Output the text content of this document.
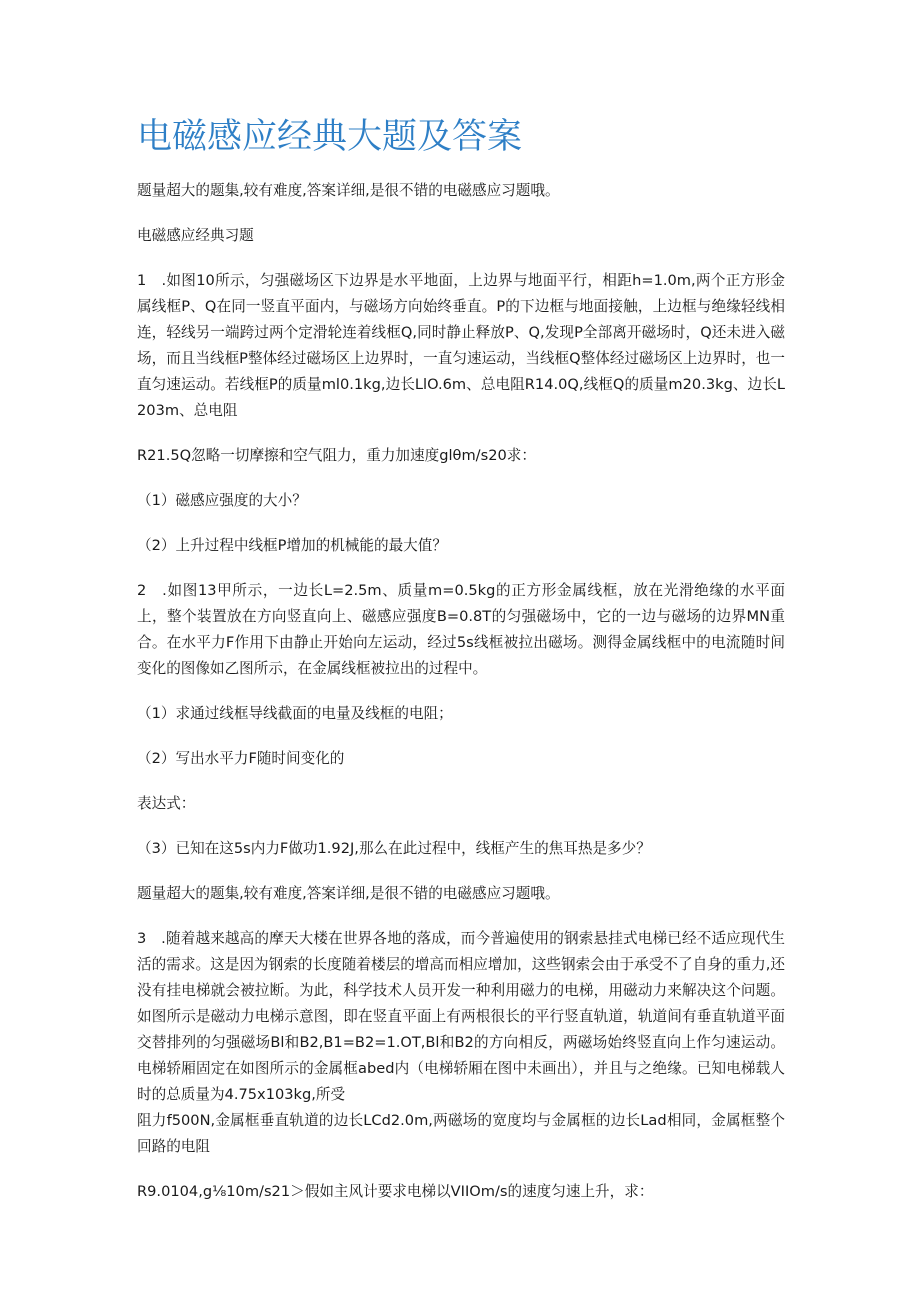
电磁感应经典大题及答案

题量超大的题集,较有难度,答案详细,是很不错的电磁感应习题哦。

电磁感应经典习题

1　.如图10所示，匀强磁场区下边界是水平地面，上边界与地面平行，相距h=1.0m,两个正方形金属线框P、Q在同一竖直平面内，与磁场方向始终垂直。P的下边框与地面接触，上边框与绝缘轻线相连，轻线另一端跨过两个定滑轮连着线框Q,同时静止释放P、Q,发现P全部离开磁场时，Q还未进入磁场，而且当线框P整体经过磁场区上边界时，一直匀速运动，当线框Q整体经过磁场区上边界时，也一直匀速运动。若线框P的质量ml0.1kg,边长LlO.6m、总电阻R14.0Q,线框Q的质量m20.3kg、边长L203m、总电阻

R21.5Q忽略一切摩擦和空气阻力，重力加速度glθm∕s20求：

（1）磁感应强度的大小？

（2）上升过程中线框P增加的机械能的最大值？

2　.如图13甲所示，一边长L=2.5m、质量m=0.5kg的正方形金属线框，放在光滑绝缘的水平面上，整个装置放在方向竖直向上、磁感应强度B=0.8T的匀强磁场中，它的一边与磁场的边界MN重合。在水平力F作用下由静止开始向左运动，经过5s线框被拉出磁场。测得金属线框中的电流随时间变化的图像如乙图所示，在金属线框被拉出的过程中。

（1）求通过线框导线截面的电量及线框的电阻；

（2）写出水平力F随时间变化的

表达式：

（3）已知在这5s内力F做功1.92J,那么在此过程中，线框产生的焦耳热是多少？

题量超大的题集,较有难度,答案详细,是很不错的电磁感应习题哦。

3　.随着越来越高的摩天大楼在世界各地的落成，而今普遍使用的钢索悬挂式电梯已经不适应现代生活的需求。这是因为钢索的长度随着楼层的增高而相应增加，这些钢索会由于承受不了自身的重力,还没有挂电梯就会被拉断。为此，科学技术人员开发一种利用磁力的电梯，用磁动力来解决这个问题。如图所示是磁动力电梯示意图，即在竖直平面上有两根很长的平行竖直轨道，轨道间有垂直轨道平面交替排列的匀强磁场Bl和B2,B1=B2=1.OT,Bl和B2的方向相反，两磁场始终竖直向上作匀速运动。电梯轿厢固定在如图所示的金属框abed内（电梯轿厢在图中未画出），并且与之绝缘。已知电梯载人时的总质量为4.75x103kg,所受

阻力f500N,金属框垂直轨道的边长LCd2.0m,两磁场的宽度均与金属框的边长Lad相同，金属框整个回路的电阻

R9.0104,g⅛10m∕s21＞假如主风计要求电梯以VIIOm/s的速度匀速上升，求：
